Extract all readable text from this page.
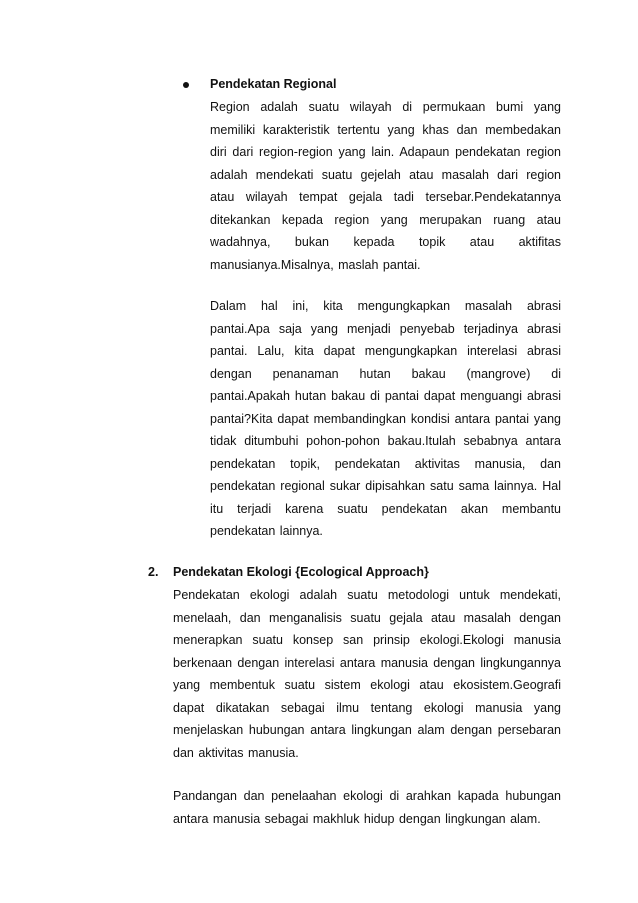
Pendekatan Regional

Region adalah suatu wilayah di permukaan bumi yang memiliki karakteristik tertentu yang khas dan membedakan diri dari region-region yang lain. Adapaun pendekatan region adalah mendekati suatu gejelah atau masalah dari region atau wilayah tempat gejala tadi tersebar.Pendekatannya ditekankan kepada region yang merupakan ruang atau wadahnya, bukan kepada topik atau aktifitas manusianya.Misalnya, maslah pantai.

Dalam hal ini, kita mengungkapkan masalah abrasi pantai.Apa saja yang menjadi penyebab terjadinya abrasi pantai. Lalu, kita dapat mengungkapkan interelasi abrasi dengan penanaman hutan bakau (mangrove) di pantai.Apakah hutan bakau di pantai dapat menguangi abrasi pantai?Kita dapat membandingkan kondisi antara pantai yang tidak ditumbuhi pohon-pohon bakau.Itulah sebabnya antara pendekatan topik, pendekatan aktivitas manusia, dan pendekatan regional sukar dipisahkan satu sama lainnya. Hal itu terjadi karena suatu pendekatan akan membantu pendekatan lainnya.

2. Pendekatan Ekologi {Ecological Approach}

Pendekatan ekologi adalah suatu metodologi untuk mendekati, menelaah, dan menganalisis suatu gejala atau masalah dengan menerapkan suatu konsep san prinsip ekologi.Ekologi manusia berkenaan dengan interelasi antara manusia dengan lingkungannya yang membentuk suatu sistem ekologi atau ekosistem.Geografi dapat dikatakan sebagai ilmu tentang ekologi manusia yang menjelaskan hubungan antara lingkungan alam dengan persebaran dan aktivitas manusia.

Pandangan dan penelaahan ekologi di arahkan kapada hubungan antara manusia sebagai makhluk hidup dengan lingkungan alam.
